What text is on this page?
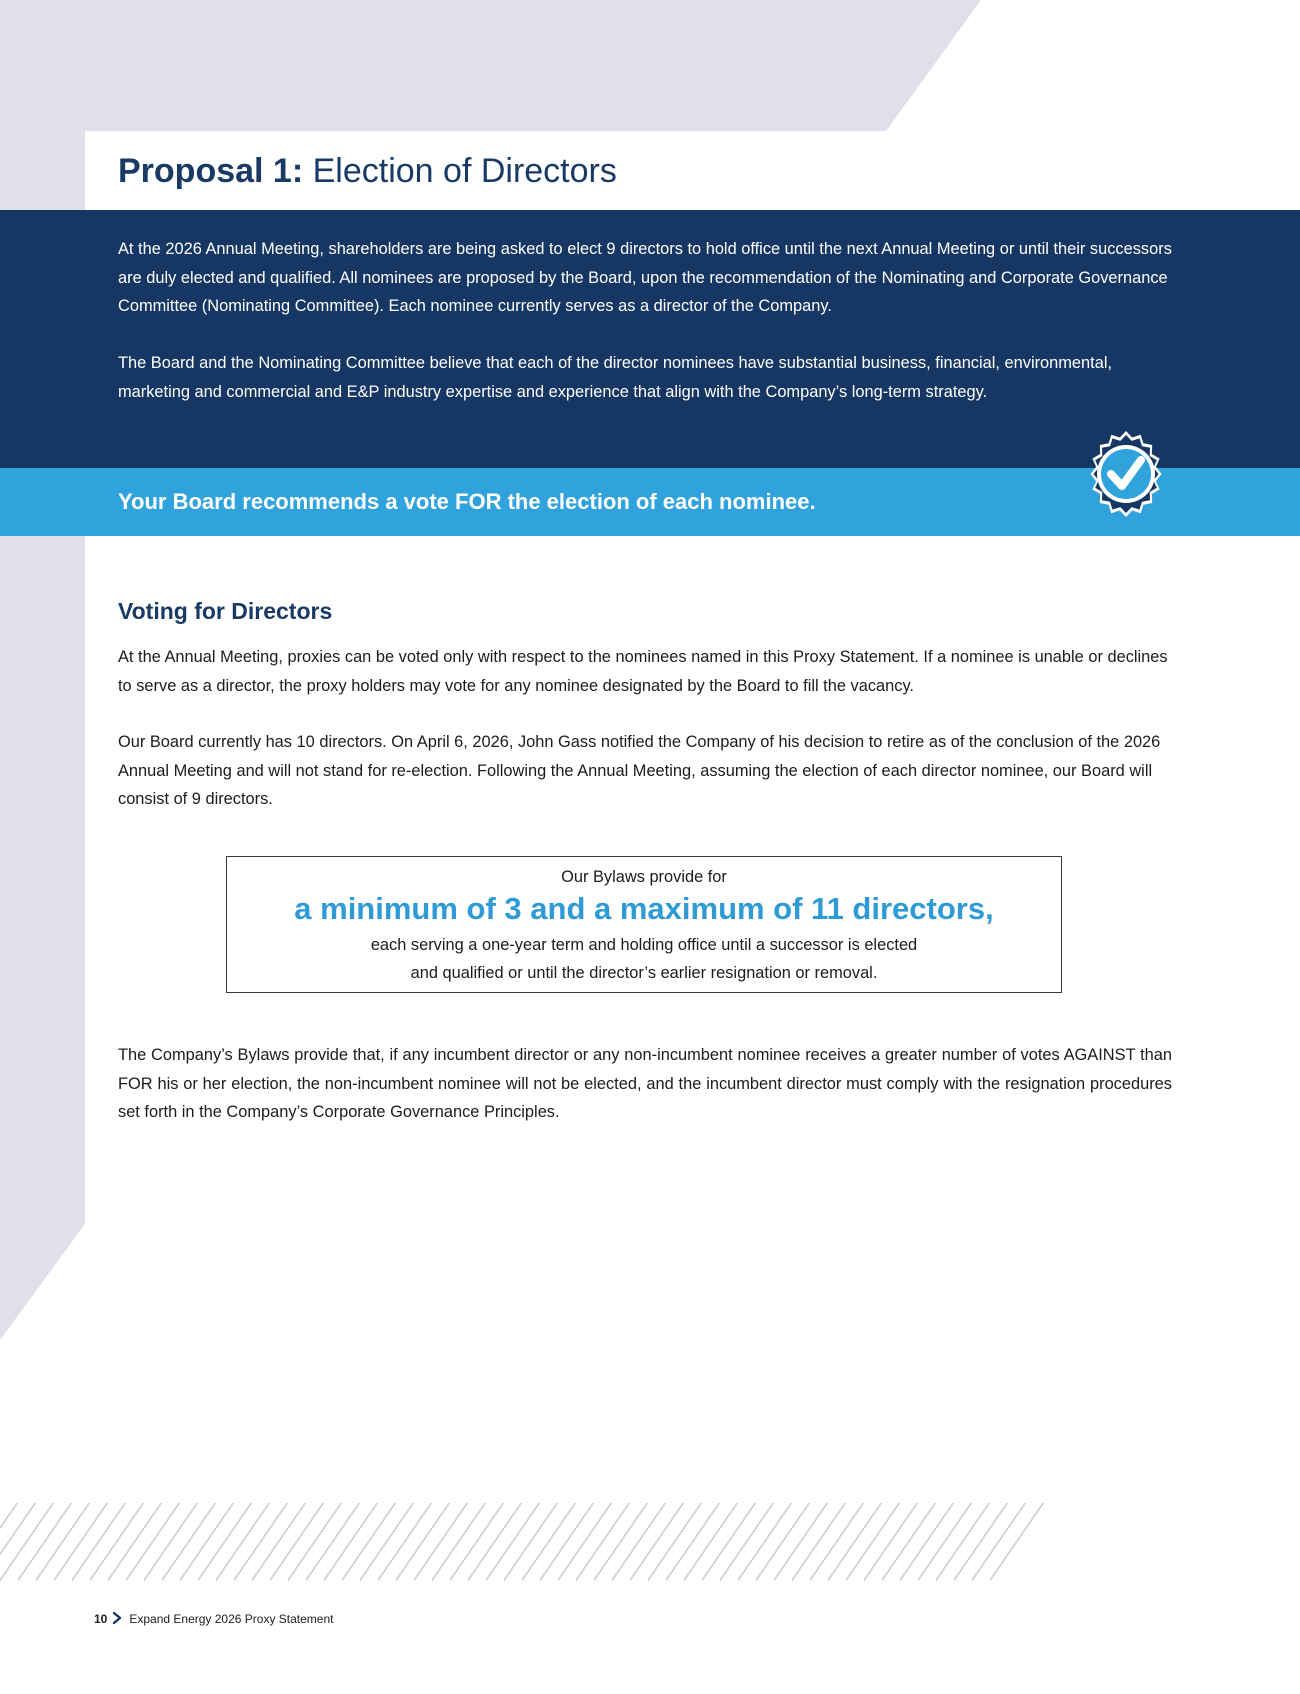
Proposal 1: Election of Directors

At the 2026 Annual Meeting, shareholders are being asked to elect 9 directors to hold office until the next Annual Meeting or until their successors are duly elected and qualified. All nominees are proposed by the Board, upon the recommendation of the Nominating and Corporate Governance Committee (Nominating Committee). Each nominee currently serves as a director of the Company.

The Board and the Nominating Committee believe that each of the director nominees have substantial business, financial, environmental, marketing and commercial and E&P industry expertise and experience that align with the Company’s long-term strategy.

Your Board recommends a vote FOR the election of each nominee.

Voting for Directors

At the Annual Meeting, proxies can be voted only with respect to the nominees named in this Proxy Statement. If a nominee is unable or declines to serve as a director, the proxy holders may vote for any nominee designated by the Board to fill the vacancy.

Our Board currently has 10 directors. On April 6, 2026, John Gass notified the Company of his decision to retire as of the conclusion of the 2026 Annual Meeting and will not stand for re-election. Following the Annual Meeting, assuming the election of each director nominee, our Board will consist of 9 directors.

Our Bylaws provide for

a minimum of 3 and a maximum of 11 directors,

each serving a one-year term and holding office until a successor is elected
and qualified or until the director’s earlier resignation or removal.

The Company’s Bylaws provide that, if any incumbent director or any non-incumbent nominee receives a greater number of votes AGAINST than FOR his or her election, the non-incumbent nominee will not be elected, and the incumbent director must comply with the resignation procedures set forth in the Company’s Corporate Governance Principles.

10 Expand Energy 2026 Proxy Statement
